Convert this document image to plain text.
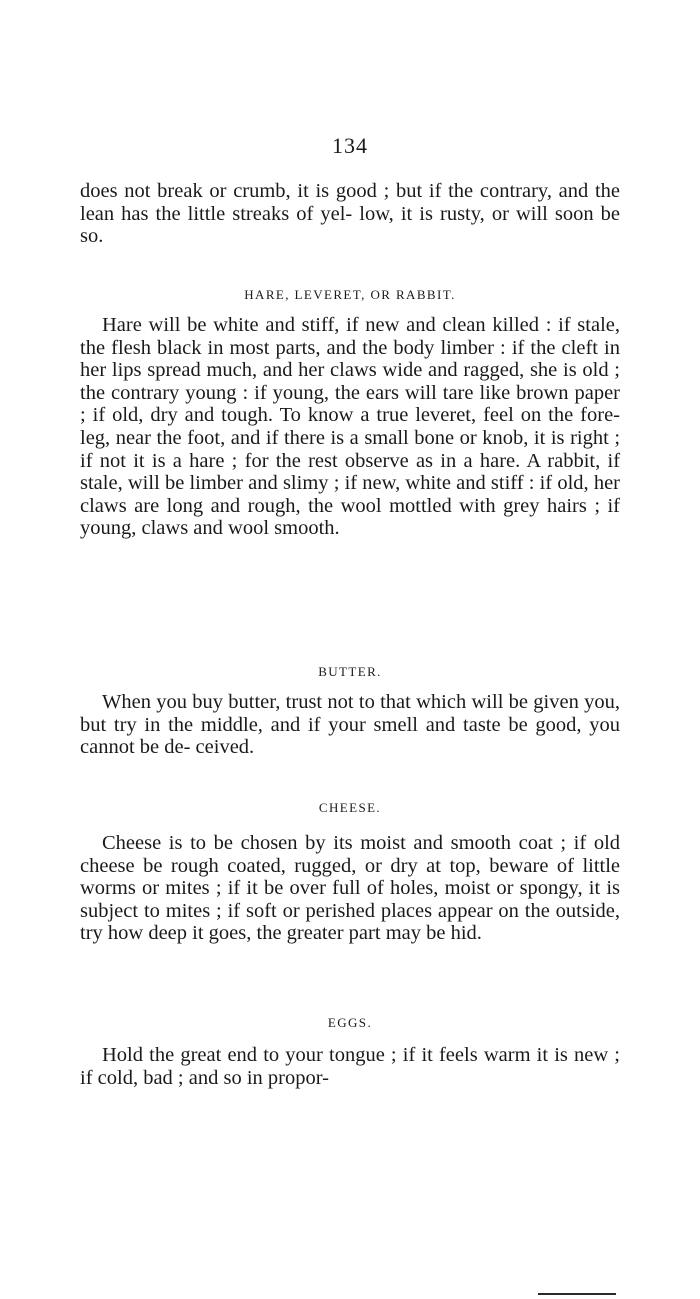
134

does not break or crumb, it is good ; but if the contrary, and the lean has the little streaks of yel- low, it is rusty, or will soon be so.

HARE, LEVERET, OR RABBIT.

Hare will be white and stiff, if new and clean killed : if stale, the flesh black in most parts, and the body limber : if the cleft in her lips spread much, and her claws wide and ragged, she is old ; the contrary young : if young, the ears will tare like brown paper ; if old, dry and tough. To know a true leveret, feel on the fore-leg, near the foot, and if there is a small bone or knob, it is right ; if not it is a hare ; for the rest observe as in a hare. A rabbit, if stale, will be limber and slimy ; if new, white and stiff : if old, her claws are long and rough, the wool mottled with grey hairs ; if young, claws and wool smooth.

BUTTER.

When you buy butter, trust not to that which will be given you, but try in the middle, and if your smell and taste be good, you cannot be de- ceived.

CHEESE.

Cheese is to be chosen by its moist and smooth coat ; if old cheese be rough coated, rugged, or dry at top, beware of little worms or mites ; if it be over full of holes, moist or spongy, it is subject to mites ; if soft or perished places appear on the outside, try how deep it goes, the greater part may be hid.

EGGS.

Hold the great end to your tongue ; if it feels warm it is new ; if cold, bad ; and so in propor-
